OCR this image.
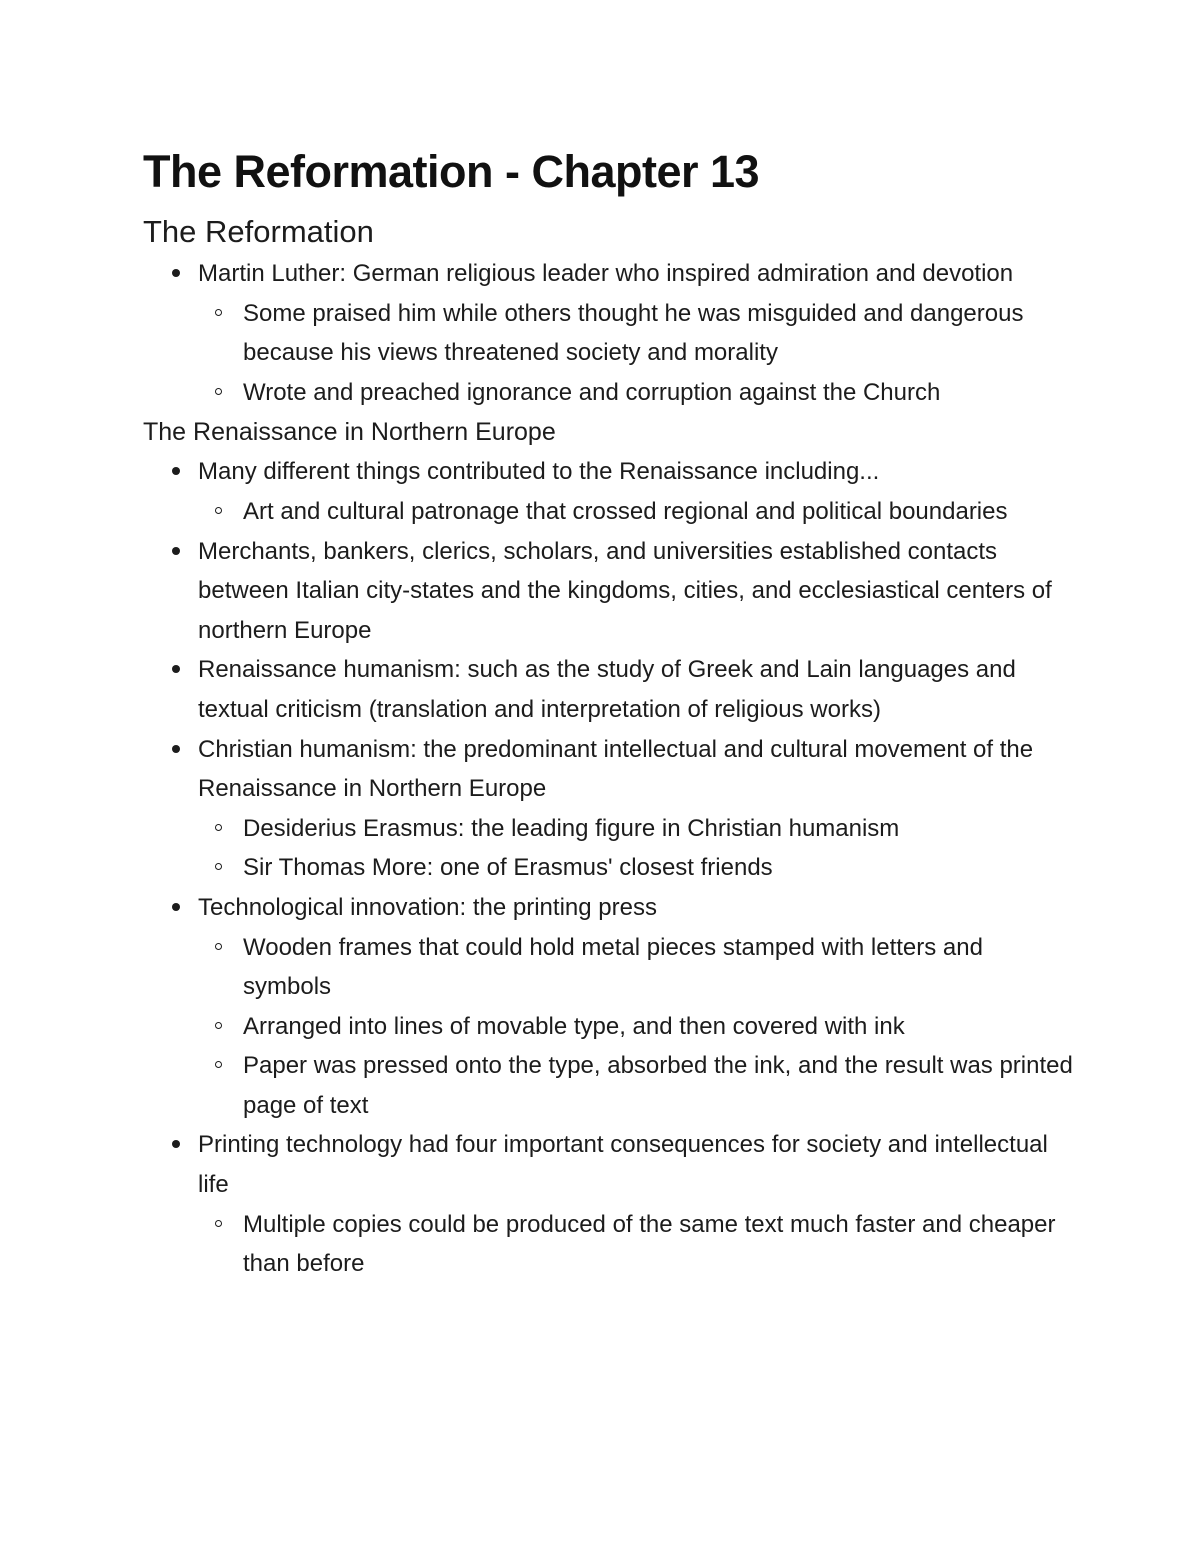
The Reformation - Chapter 13
The Reformation
Martin Luther: German religious leader who inspired admiration and devotion
Some praised him while others thought he was misguided and dangerous because his views threatened society and morality
Wrote and preached ignorance and corruption against the Church
The Renaissance in Northern Europe
Many different things contributed to the Renaissance including...
Art and cultural patronage that crossed regional and political boundaries
Merchants, bankers, clerics, scholars, and universities established contacts between Italian city-states and the kingdoms, cities, and ecclesiastical centers of northern Europe
Renaissance humanism: such as the study of Greek and Lain languages and textual criticism (translation and interpretation of religious works)
Christian humanism: the predominant intellectual and cultural movement of the Renaissance in Northern Europe
Desiderius Erasmus: the leading figure in Christian humanism
Sir Thomas More: one of Erasmus' closest friends
Technological innovation: the printing press
Wooden frames that could hold metal pieces stamped with letters and symbols
Arranged into lines of movable type, and then covered with ink
Paper was pressed onto the type, absorbed the ink, and the result was printed page of text
Printing technology had four important consequences for society and intellectual life
Multiple copies could be produced of the same text much faster and cheaper than before
